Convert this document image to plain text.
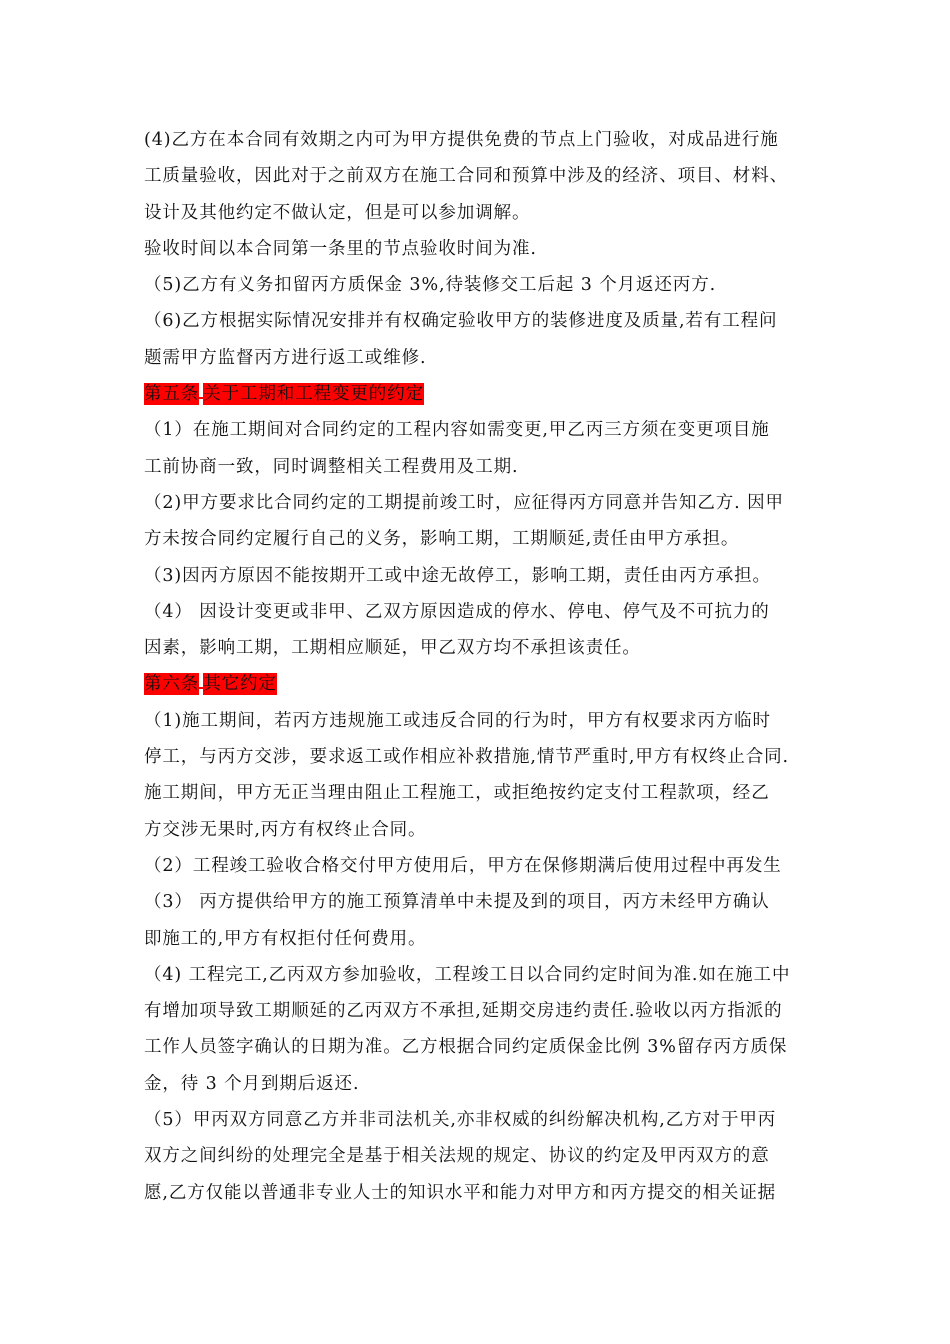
(4)乙方在本合同有效期之内可为甲方提供免费的节点上门验收，对成品进行施
工质量验收，因此对于之前双方在施工合同和预算中涉及的经济、项目、材料、
设计及其他约定不做认定，但是可以参加调解。
验收时间以本合同第一条里的节点验收时间为准.
（5)乙方有义务扣留丙方质保金 3%,待装修交工后起 3 个月返还丙方.
（6)乙方根据实际情况安排并有权确定验收甲方的装修进度及质量,若有工程问
题需甲方监督丙方进行返工或维修.
第五条 关于工期和工程变更的约定
（1）在施工期间对合同约定的工程内容如需变更,甲乙丙三方须在变更项目施
工前协商一致，同时调整相关工程费用及工期.
（2)甲方要求比合同约定的工期提前竣工时，应征得丙方同意并告知乙方. 因甲
方未按合同约定履行自己的义务，影响工期，工期顺延,责任由甲方承担。
（3)因丙方原因不能按期开工或中途无故停工，影响工期，责任由丙方承担。
（4） 因设计变更或非甲、乙双方原因造成的停水、停电、停气及不可抗力的
因素，影响工期，工期相应顺延，甲乙双方均不承担该责任。
第六条 其它约定
（1)施工期间，若丙方违规施工或违反合同的行为时，甲方有权要求丙方临时
停工，与丙方交涉，要求返工或作相应补救措施,情节严重时,甲方有权终止合同.
施工期间，甲方无正当理由阻止工程施工，或拒绝按约定支付工程款项，经乙
方交涉无果时,丙方有权终止合同。
（2）工程竣工验收合格交付甲方使用后，甲方在保修期满后使用过程中再发生
（3） 丙方提供给甲方的施工预算清单中未提及到的项目，丙方未经甲方确认
即施工的,甲方有权拒付任何费用。
（4) 工程完工,乙丙双方参加验收，工程竣工日以合同约定时间为准.如在施工中
有增加项导致工期顺延的乙丙双方不承担,延期交房违约责任.验收以丙方指派的
工作人员签字确认的日期为准。乙方根据合同约定质保金比例 3%留存丙方质保
金，待 3 个月到期后返还.
（5）甲丙双方同意乙方并非司法机关,亦非权威的纠纷解决机构,乙方对于甲丙
双方之间纠纷的处理完全是基于相关法规的规定、协议的约定及甲丙双方的意
愿,乙方仅能以普通非专业人士的知识水平和能力对甲方和丙方提交的相关证据
